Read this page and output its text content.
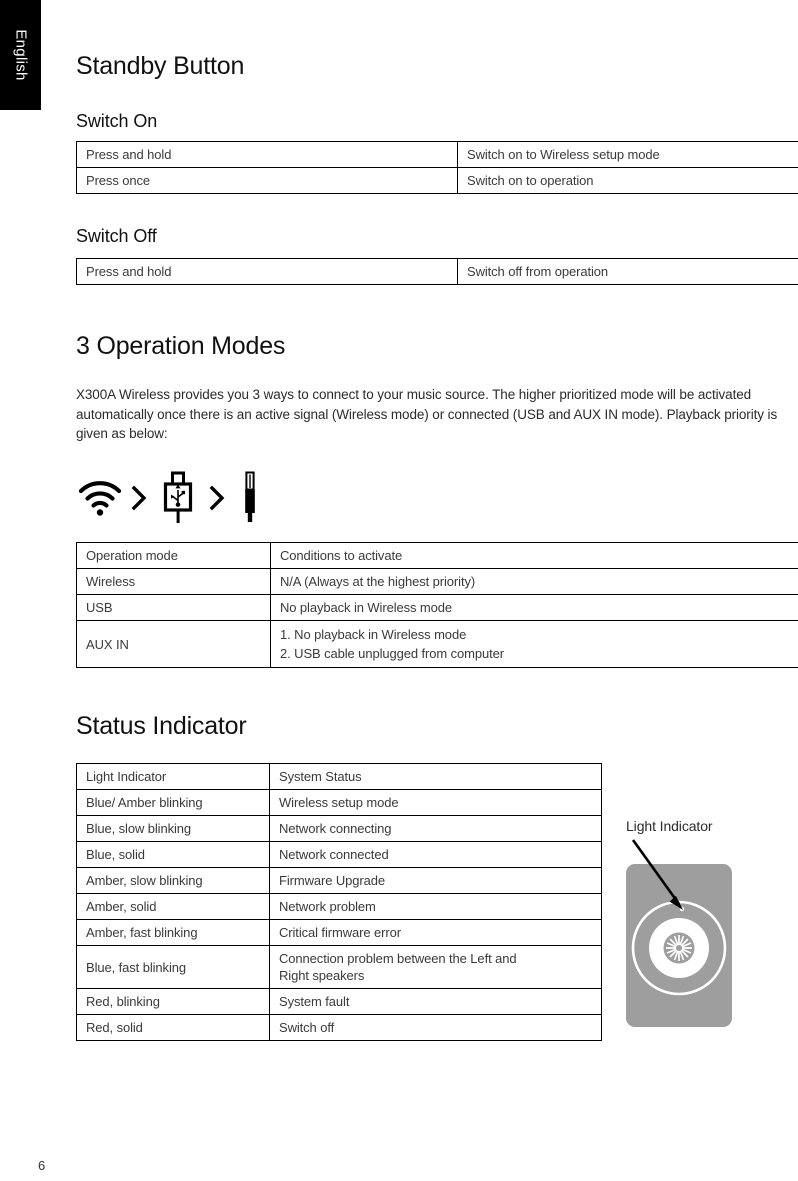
English Standby Button
Switch On
Press and hold	Switch on to Wireless setup mode
Press once	Switch on to operation
Switch Off
Press and hold	Switch off from operation
3 Operation Modes

X300A Wireless provides you 3 ways to connect to your music source. The higher prioritized mode will be activated automatically once there is an active signal (Wireless mode) or connected (USB and AUX IN mode). Playback priority is given as below:

Operation mode	Conditions to activate
Wireless	N/A (Always at the highest priority)
USB	No playback in Wireless mode
AUX IN	1. No playback in Wireless mode
2. USB cable unplugged from computer
Status Indicator
Light Indicator	System Status
Blue/ Amber blinking	Wireless setup mode
Blue, slow blinking	Network connecting
Blue, solid	Network connected
Amber, slow blinking	Firmware Upgrade
Amber, solid	Network problem
Amber, fast blinking	Critical firmware error
Blue, fast blinking	Connection problem between the Left and
Right speakers

Red, blinking	System fault
Red, solid	Switch off
Light Indicator
6
